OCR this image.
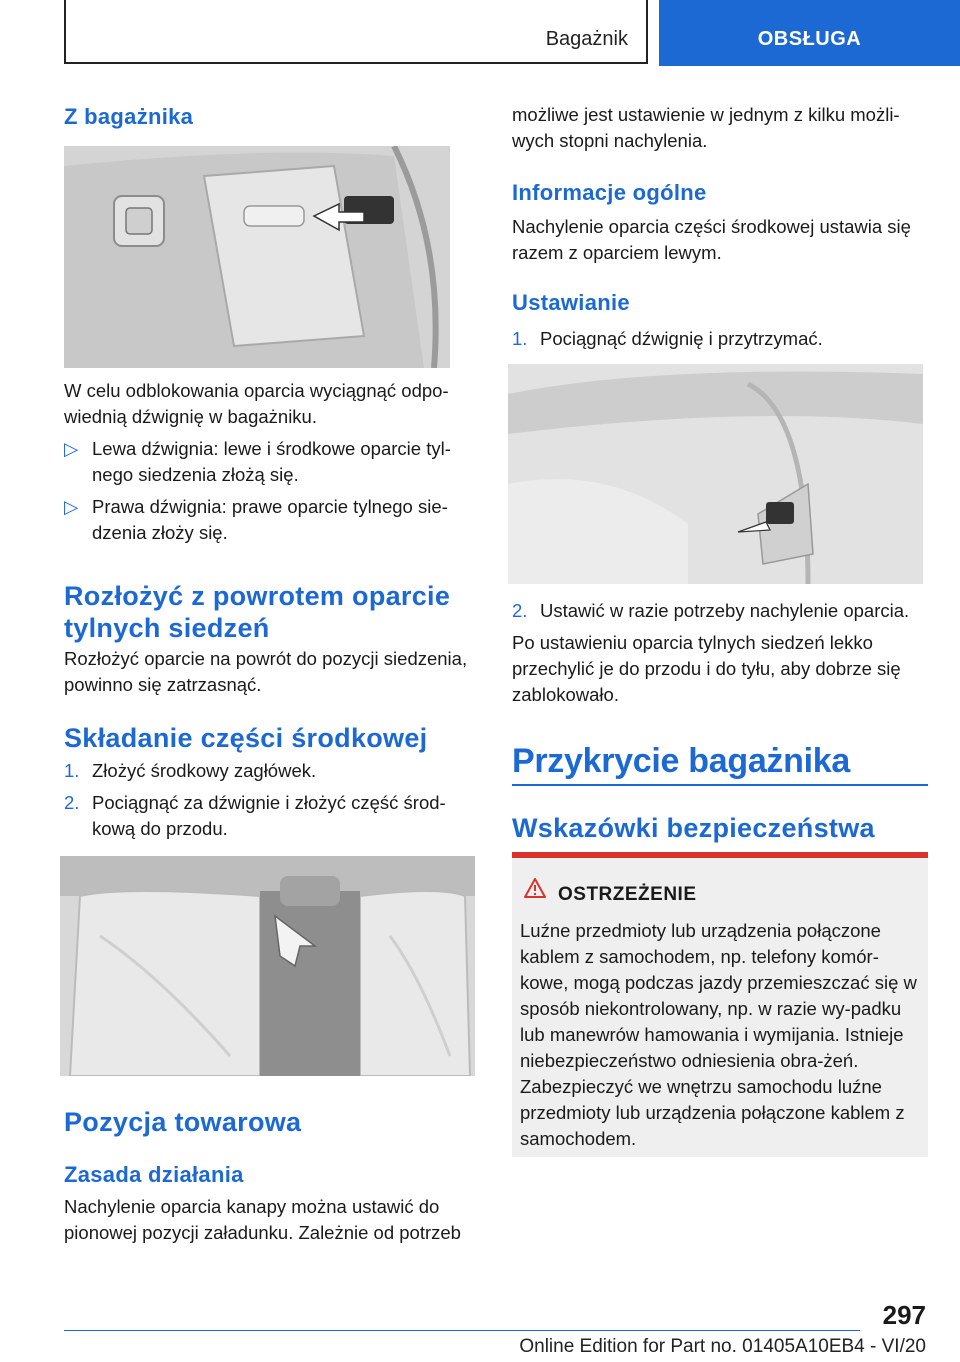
Bagażnik	OBSŁUGA
Z bagażnika
W celu odblokowania oparcia wyciągnąć odpo-wiednią dźwignię w bagażniku.
▷ Lewa dźwignia: lewe i środkowe oparcie tyl-nego siedzenia złożą się.
▷ Prawa dźwignia: prawe oparcie tylnego sie-dzenia złoży się.
Rozłożyć z powrotem oparcie tylnych siedzeń
Rozłożyć oparcie na powrót do pozycji siedzenia, powinno się zatrzasnąć.
Składanie części środkowej
1. Złożyć środkowy zagłówek.
2. Pociągnąć za dźwignie i złożyć część środ-kową do przodu.
Pozycja towarowa
Zasada działania
Nachylenie oparcia kanapy można ustawić do pionowej pozycji załadunku. Zależnie od potrzeb
możliwe jest ustawienie w jednym z kilku możli-wych stopni nachylenia.
Informacje ogólne
Nachylenie oparcia części środkowej ustawia się razem z oparciem lewym.
Ustawianie
1. Pociągnąć dźwignię i przytrzymać.
2. Ustawić w razie potrzeby nachylenie oparcia.
Po ustawieniu oparcia tylnych siedzeń lekko przechylić je do przodu i do tyłu, aby dobrze się zablokowało.
Przykrycie bagażnika
Wskazówki bezpieczeństwa
OSTRZEŻENIE
Luźne przedmioty lub urządzenia połączone kablem z samochodem, np. telefony komór-kowe, mogą podczas jazdy przemieszczać się w sposób niekontrolowany, np. w razie wy-padku lub manewrów hamowania i wymijania. Istnieje niebezpieczeństwo odniesienia obra-żeń. Zabezpieczyć we wnętrzu samochodu luźne przedmioty lub urządzenia połączone kablem z samochodem.
297
Online Edition for Part no. 01405A10EB4 - VI/20
